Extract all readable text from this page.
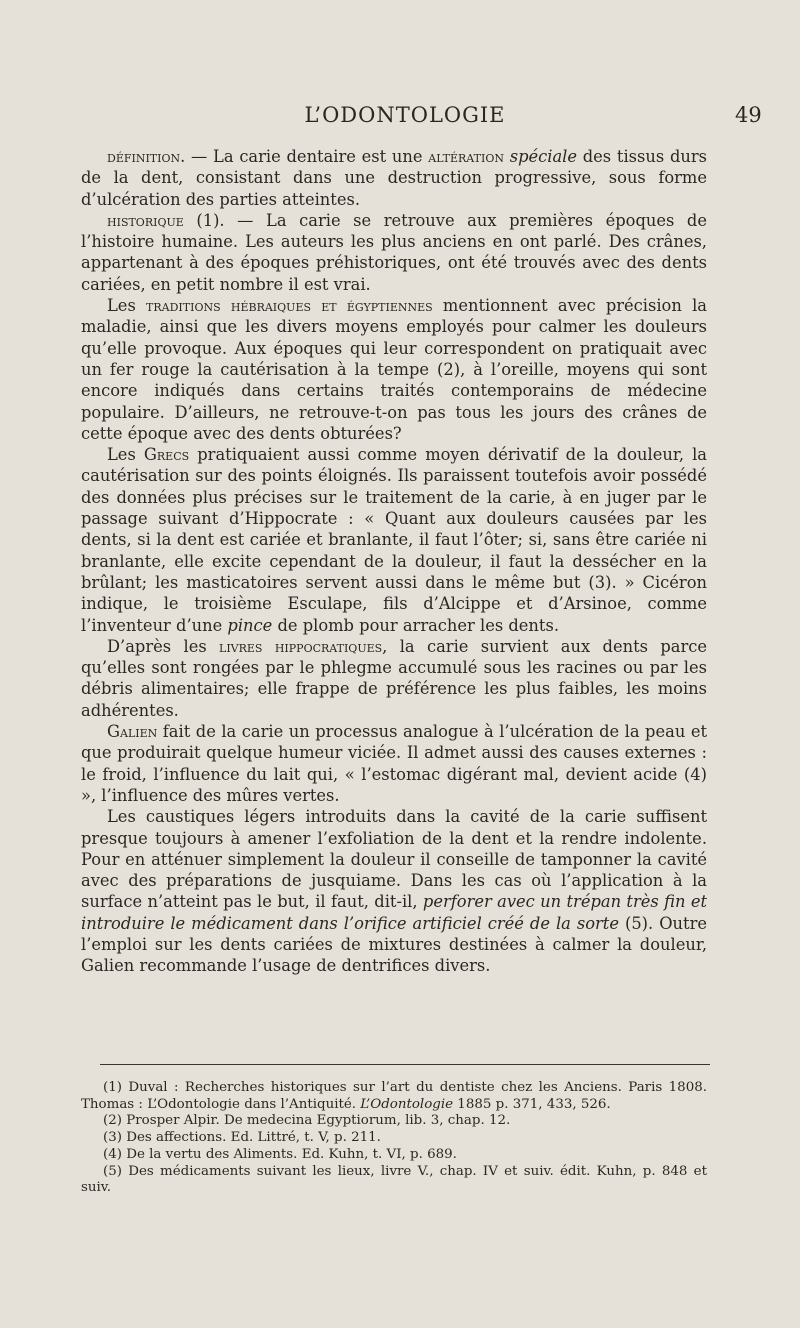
L’ODONTOLOGIE	49

définition. — La carie dentaire est une altération spéciale des tissus durs de la dent, consistant dans une destruction progressive, sous forme d’ulcération des parties atteintes.

historique (1). — La carie se retrouve aux premières époques de l’histoire humaine. Les auteurs les plus anciens en ont parlé. Des crânes, appartenant à des époques préhistoriques, ont été trouvés avec des dents cariées, en petit nombre il est vrai.

Les traditions hébraiques et égyptiennes mentionnent avec précision la maladie, ainsi que les divers moyens employés pour calmer les douleurs qu’elle provoque. Aux époques qui leur correspondent on pratiquait avec un fer rouge la cautérisation à la tempe (2), à l’oreille, moyens qui sont encore indiqués dans certains traités contemporains de médecine populaire. D’ailleurs, ne retrouve-t-on pas tous les jours des crânes de cette époque avec des dents obturées?

Les Grecs pratiquaient aussi comme moyen dérivatif de la douleur, la cautérisation sur des points éloignés. Ils paraissent toutefois avoir possédé des données plus précises sur le traitement de la carie, à en juger par le passage suivant d’Hippocrate : « Quant aux douleurs causées par les dents, si la dent est cariée et branlante, il faut l’ôter; si, sans être cariée ni branlante, elle excite cependant de la douleur, il faut la dessécher en la brûlant; les masticatoires servent aussi dans le même but (3). » Cicéron indique, le troisième Esculape, fils d’Alcippe et d’Arsinoe, comme l’inventeur d’une pince de plomb pour arracher les dents.

D’après les livres hippocratiques, la carie survient aux dents parce qu’elles sont rongées par le phlegme accumulé sous les racines ou par les débris alimentaires; elle frappe de préférence les plus faibles, les moins adhérentes.

Galien fait de la carie un processus analogue à l’ulcération de la peau et que produirait quelque humeur viciée. Il admet aussi des causes externes : le froid, l’influence du lait qui, « l’estomac digérant mal, devient acide (4) », l’influence des mûres vertes.

Les caustiques légers introduits dans la cavité de la carie suffisent presque toujours à amener l’exfoliation de la dent et la rendre indolente. Pour en atténuer simplement la douleur il conseille de tamponner la cavité avec des préparations de jusquiame. Dans les cas où l’application à la surface n’atteint pas le but, il faut, dit-il, perforer avec un trépan très fin et introduire le médicament dans l’orifice artificiel créé de la sorte (5). Outre l’emploi sur les dents cariées de mixtures destinées à calmer la douleur, Galien recommande l’usage de dentrifices divers.

(1) Duval : Recherches historiques sur l’art du dentiste chez les Anciens. Paris 1808. Thomas : L’Odontologie dans l’Antiquité. L’Odontologie 1885 p. 371, 433, 526.

(2) Prosper Alpir. De medecina Egyptiorum, lib. 3, chap. 12.

(3) Des affections. Ed. Littré, t. V, p. 211.

(4) De la vertu des Aliments. Ed. Kuhn, t. VI, p. 689.

(5) Des médicaments suivant les lieux, livre V., chap. IV et suiv. édit. Kuhn, p. 848 et suiv.
